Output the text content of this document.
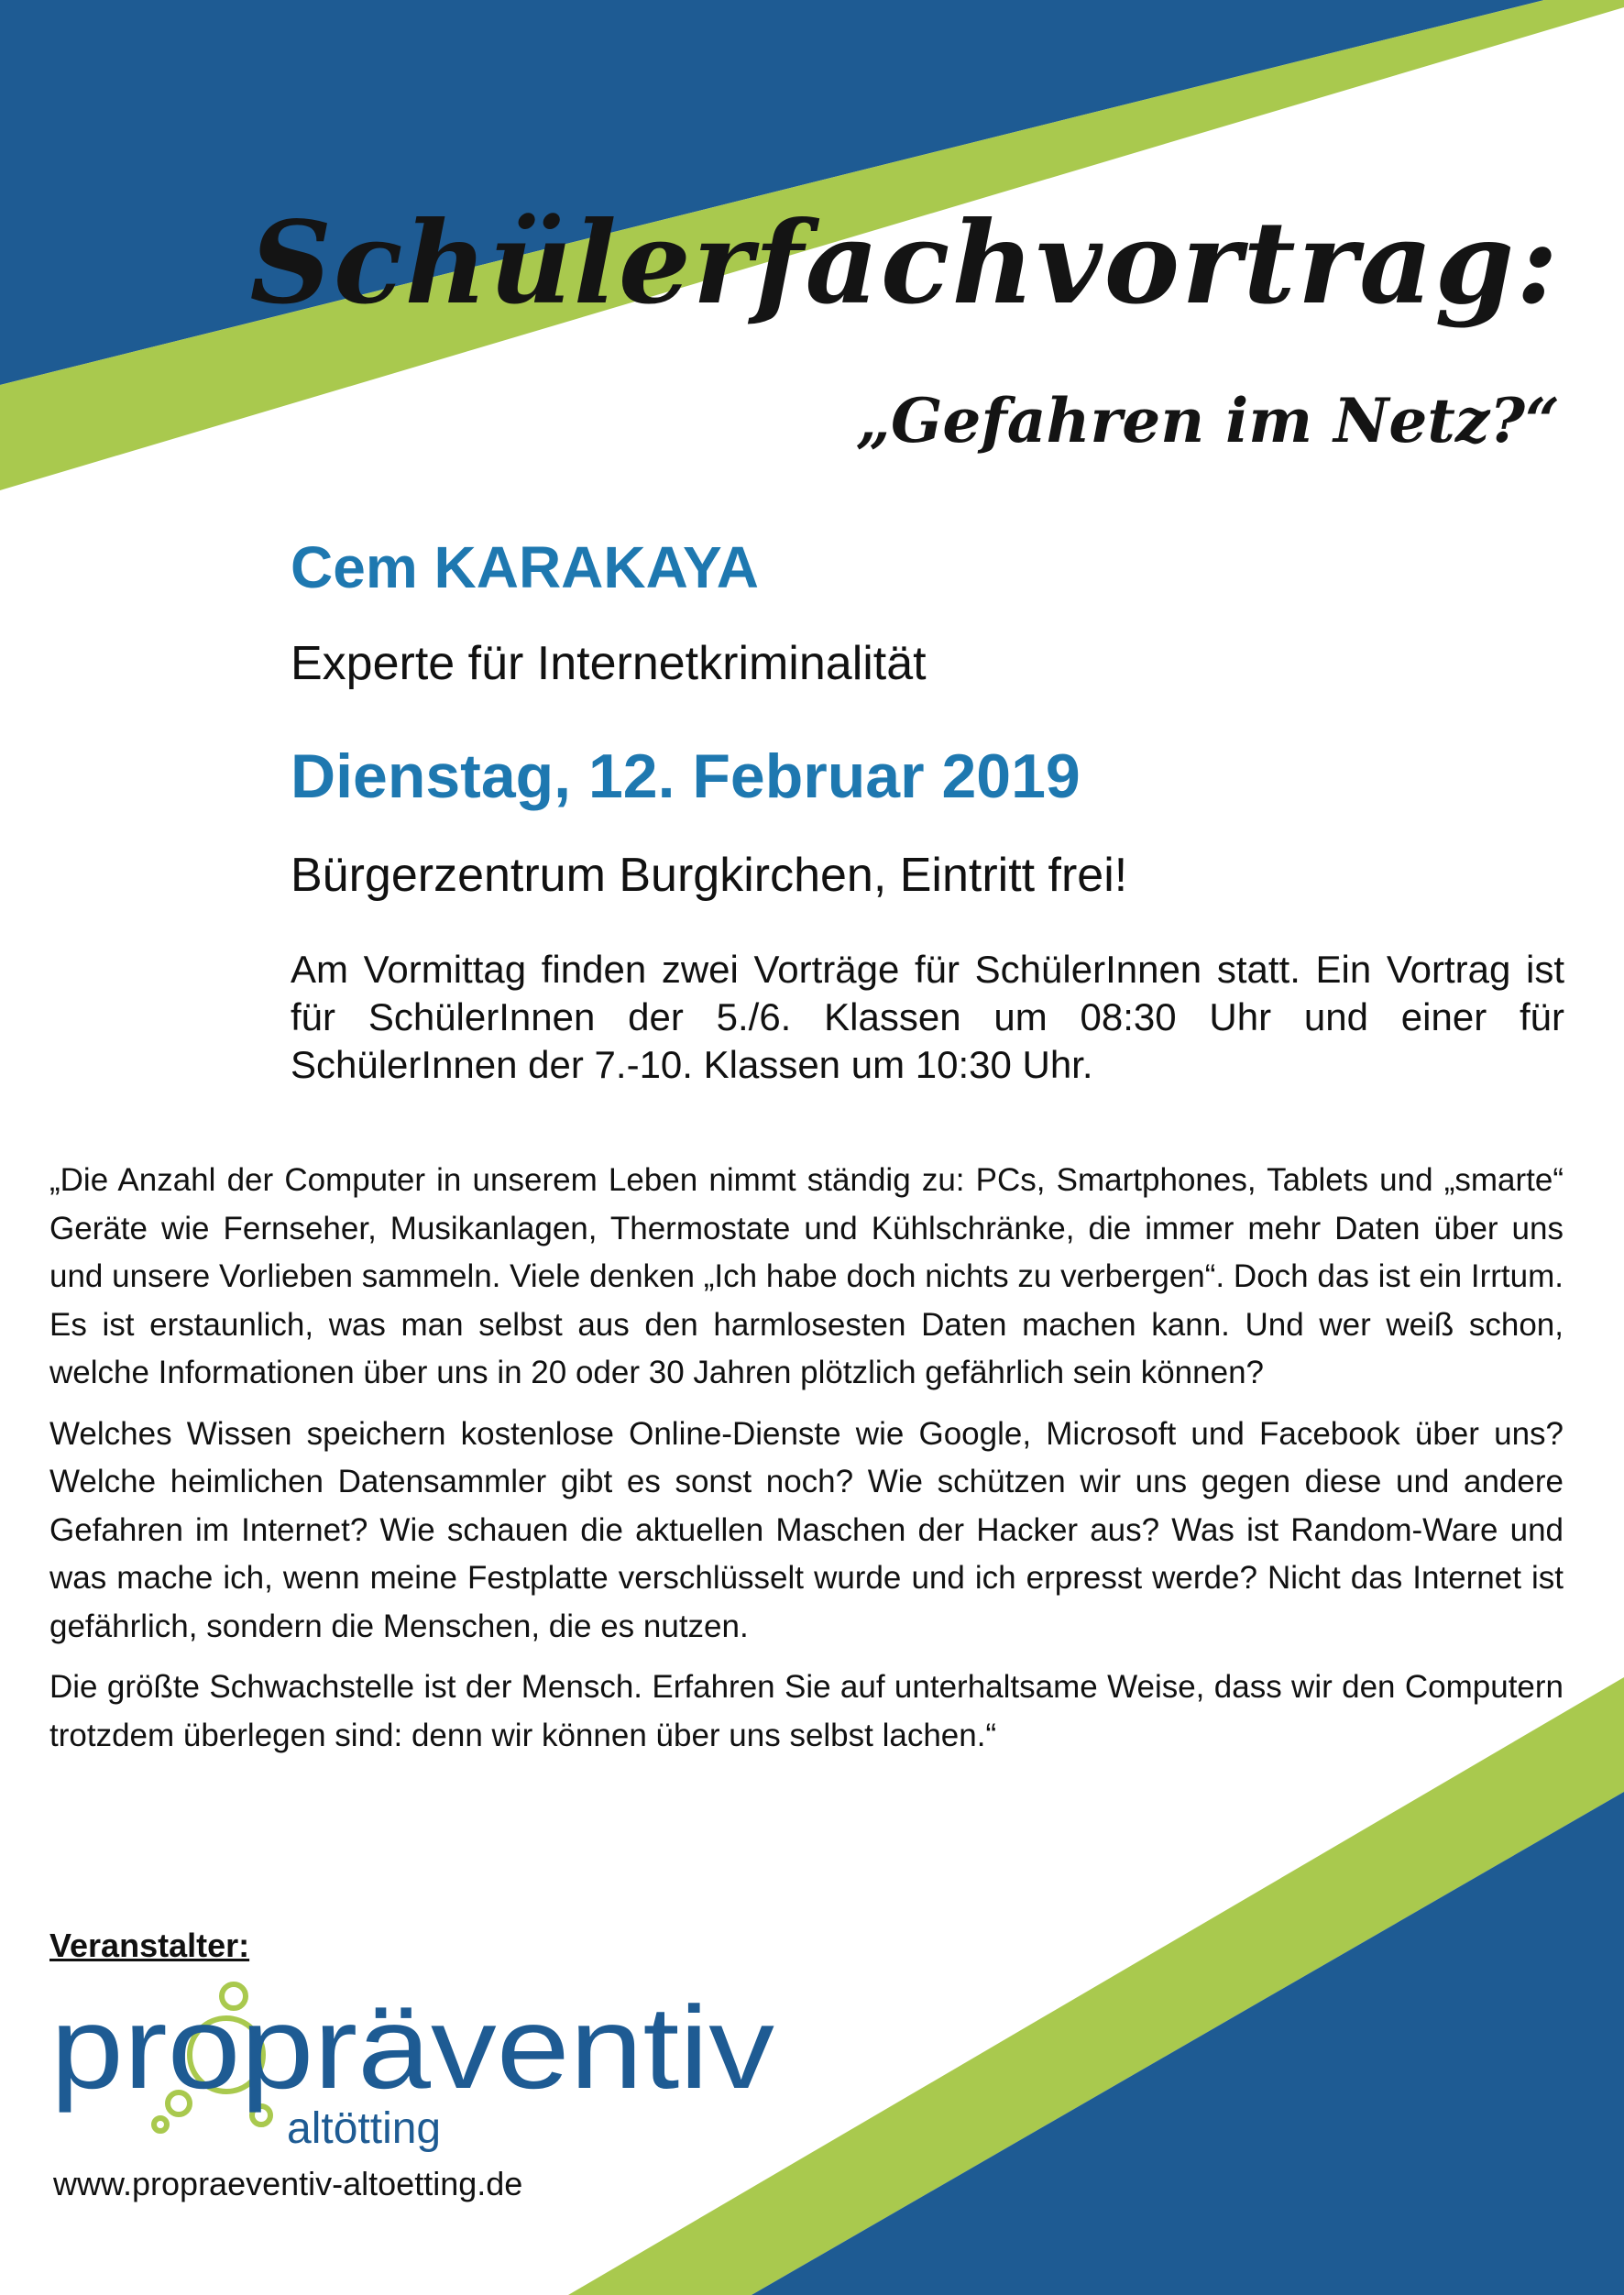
Schülerfachvortrag:
„Gefahren im Netz?“
Cem KARAKAYA
Experte für Internetkriminalität
Dienstag, 12. Februar 2019
Bürgerzentrum Burgkirchen, Eintritt frei!
Am Vormittag finden zwei Vorträge für SchülerInnen statt. Ein Vortrag ist für SchülerInnen der 5./6. Klassen um 08:30 Uhr und einer für SchülerInnen der 7.-10. Klassen um 10:30 Uhr.

„Die Anzahl der Computer in unserem Leben nimmt ständig zu: PCs, Smartphones, Tablets und „smarte“ Geräte wie Fernseher, Musikanlagen, Thermostate und Kühlschränke, die immer mehr Daten über uns und unsere Vorlieben sammeln. Viele denken „Ich habe doch nichts zu verbergen“. Doch das ist ein Irrtum. Es ist erstaunlich, was man selbst aus den harmlosesten Daten machen kann. Und wer weiß schon, welche Informationen über uns in 20 oder 30 Jahren plötzlich gefährlich sein können?

Welches Wissen speichern kostenlose Online-Dienste wie Google, Microsoft und Facebook über uns? Welche heimlichen Datensammler gibt es sonst noch? Wie schützen wir uns gegen diese und andere Gefahren im Internet? Wie schauen die aktuellen Maschen der Hacker aus? Was ist Random-Ware und was mache ich, wenn meine Festplatte verschlüsselt wurde und ich erpresst werde? Nicht das Internet ist gefährlich, sondern die Menschen, die es nutzen.

Die größte Schwachstelle ist der Mensch. Erfahren Sie auf unterhaltsame Weise, dass wir den Computern trotzdem überlegen sind: denn wir können über uns selbst lachen.“

Veranstalter:
propräventiv
altötting
www.propraeventiv-altoetting.de
